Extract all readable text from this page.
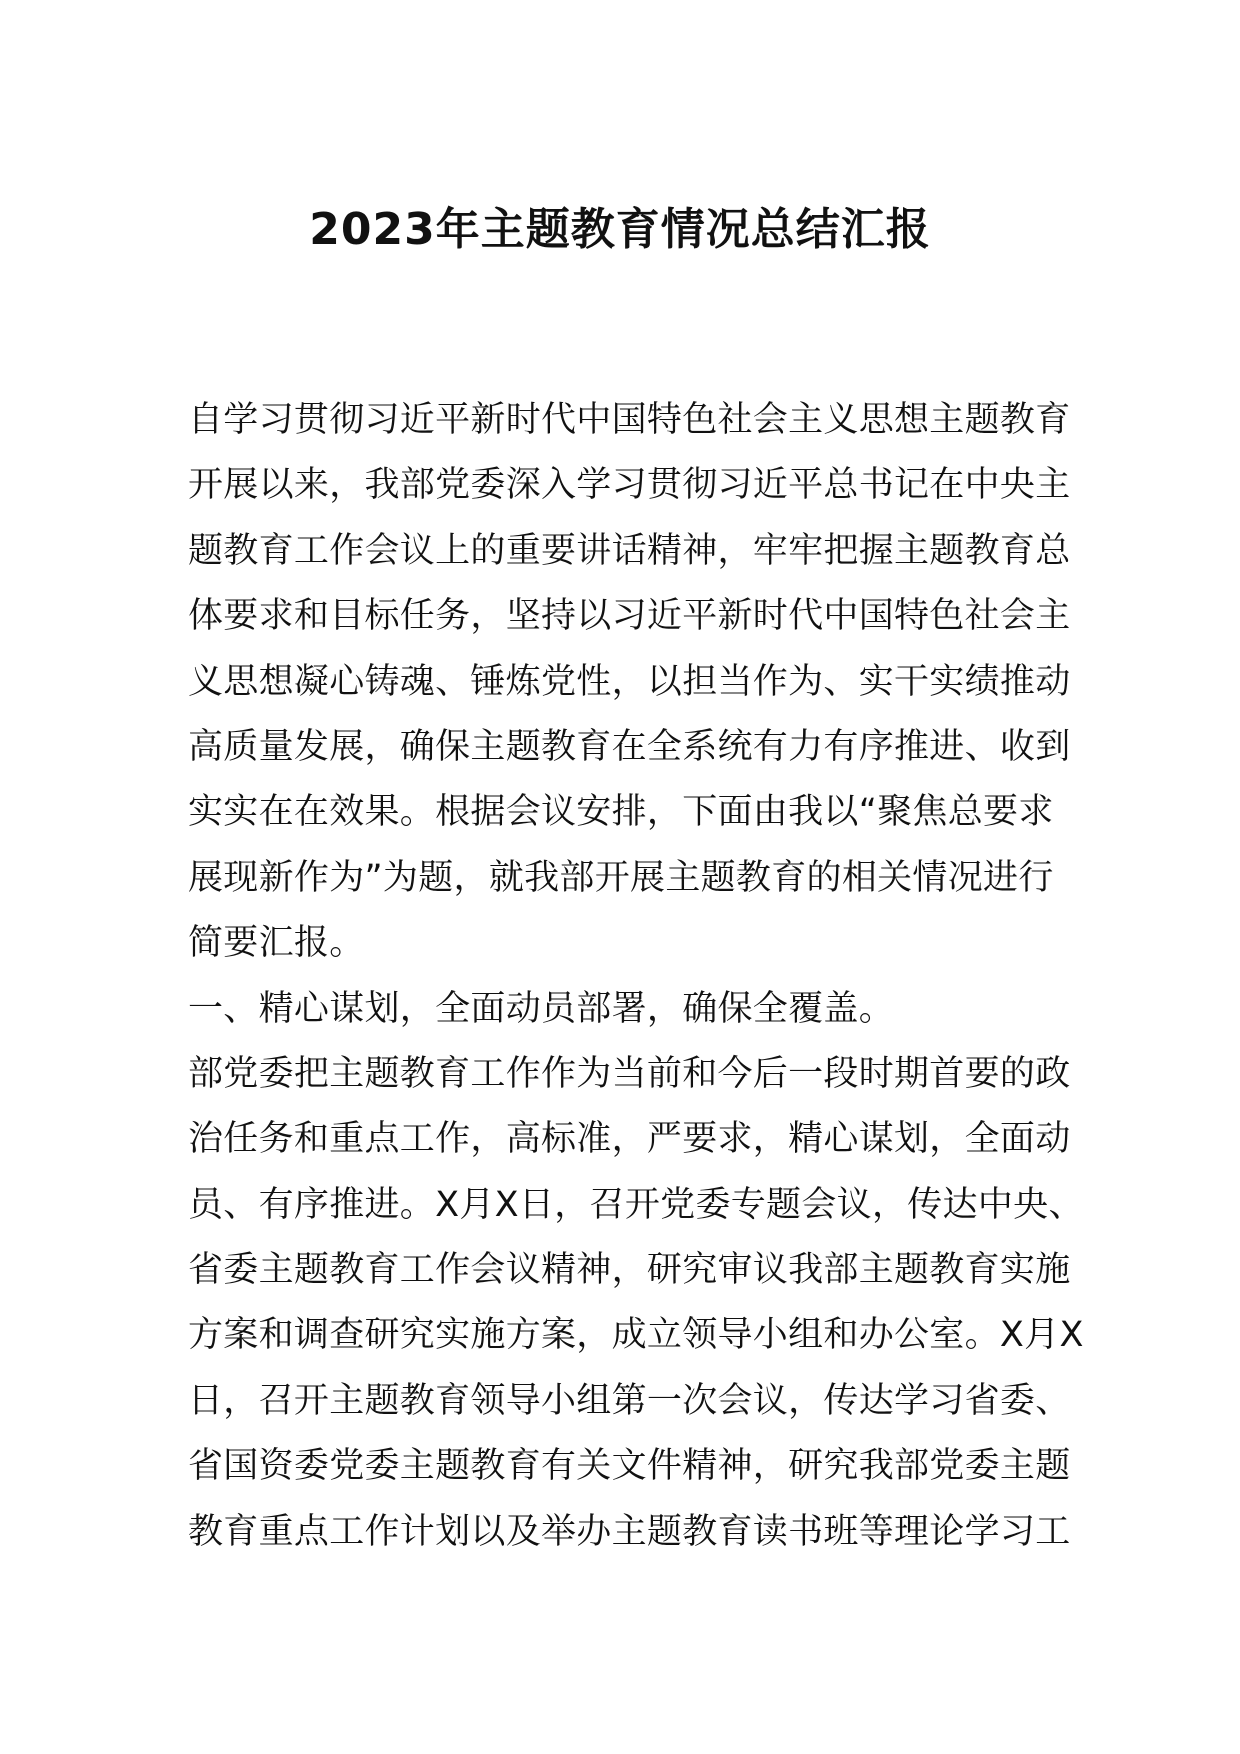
2023年主题教育情况总结汇报
自学习贯彻习近平新时代中国特色社会主义思想主题教育
开展以来，我部党委深入学习贯彻习近平总书记在中央主
题教育工作会议上的重要讲话精神，牢牢把握主题教育总
体要求和目标任务，坚持以习近平新时代中国特色社会主
义思想凝心铸魂、锤炼党性，以担当作为、实干实绩推动
高质量发展，确保主题教育在全系统有力有序推进、收到
实实在在效果。根据会议安排，下面由我以“聚焦总要求
展现新作为”为题，就我部开展主题教育的相关情况进行
简要汇报。
一、精心谋划，全面动员部署，确保全覆盖。
部党委把主题教育工作作为当前和今后一段时期首要的政
治任务和重点工作，高标准，严要求，精心谋划，全面动
员、有序推进。X月X日，召开党委专题会议，传达中央、
省委主题教育工作会议精神，研究审议我部主题教育实施
方案和调查研究实施方案，成立领导小组和办公室。X月X
日，召开主题教育领导小组第一次会议，传达学习省委、
省国资委党委主题教育有关文件精神，研究我部党委主题
教育重点工作计划以及举办主题教育读书班等理论学习工
